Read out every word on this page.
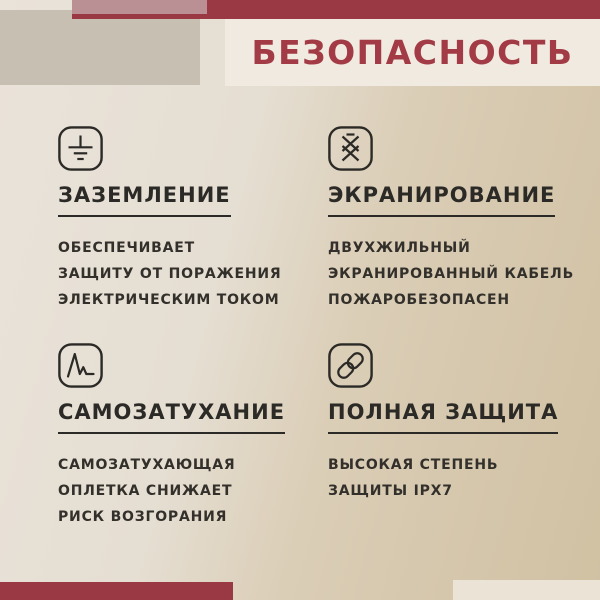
БЕЗОПАСНОСТЬ
ЗАЗЕМЛЕНИЕ
ОБЕСПЕЧИВАЕТ
ЗАЩИТУ ОТ ПОРАЖЕНИЯ
ЭЛЕКТРИЧЕСКИМ ТОКОМ
ЭКРАНИРОВАНИЕ
ДВУХЖИЛЬНЫЙ
ЭКРАНИРОВАННЫЙ КАБЕЛЬ
ПОЖАРОБЕЗОПАСЕН
САМОЗАТУХАНИЕ
САМОЗАТУХАЮЩАЯ
ОПЛЕТКА СНИЖАЕТ
РИСК ВОЗГОРАНИЯ
ПОЛНАЯ ЗАЩИТА
ВЫСОКАЯ СТЕПЕНЬ
ЗАЩИТЫ IPX7
